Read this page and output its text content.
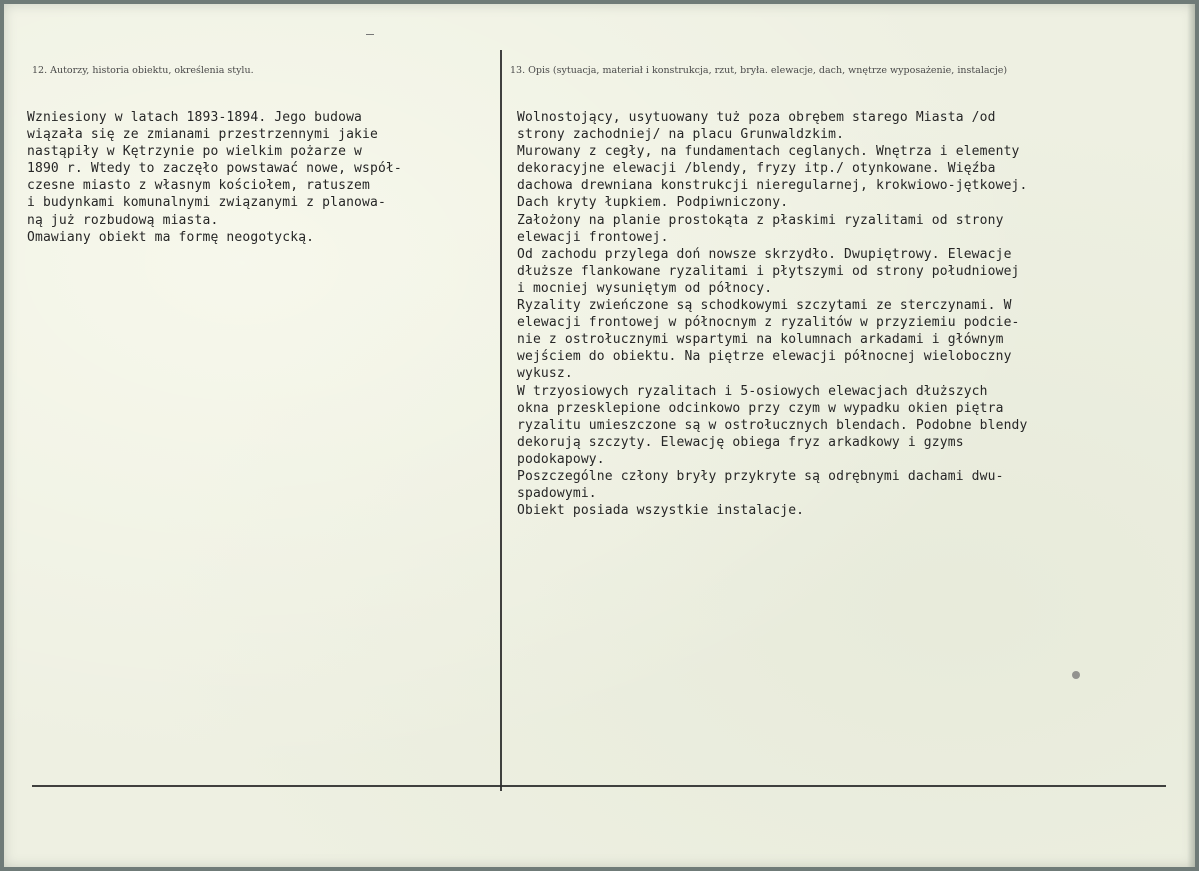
12. Autorzy, historia obiektu, określenia stylu.	13. Opis (sytuacja, materiał i konstrukcja, rzut, bryła. elewacje, dach, wnętrze wyposażenie, instalacje)
Wzniesiony w latach 1893-1894. Jego budowa
wiązała się ze zmianami przestrzennymi jakie
nastąpiły w Kętrzynie po wielkim pożarze w
1890 r. Wtedy to zaczęło powstawać nowe, współ-
czesne miasto z własnym kościołem, ratuszem
i budynkami komunalnymi związanymi z planowa-
ną już rozbudową miasta.
Omawiany obiekt ma formę neogotycką.
Wolnostojący, usytuowany tuż poza obrębem starego Miasta /od
strony zachodniej/ na placu Grunwaldzkim.
Murowany z cegły, na fundamentach ceglanych. Wnętrza i elementy
dekoracyjne elewacji /blendy, fryzy itp./ otynkowane. Więźba
dachowa drewniana konstrukcji nieregularnej, krokwiowo-jętkowej.
Dach kryty łupkiem. Podpiwniczony.
Założony na planie prostokąta z płaskimi ryzalitami od strony
elewacji frontowej.
Od zachodu przylega doń nowsze skrzydło. Dwupiętrowy. Elewacje
dłuższe flankowane ryzalitami i płytszymi od strony południowej
i mocniej wysuniętym od północy.
Ryzality zwieńczone są schodkowymi szczytami ze sterczynami. W
elewacji frontowej w północnym z ryzalitów w przyziemiu podcie-
nie z ostrołucznymi wspartymi na kolumnach arkadami i głównym
wejściem do obiektu. Na piętrze elewacji północnej wieloboczny
wykusz.
W trzyosiowych ryzalitach i 5-osiowych elewacjach dłuższych
okna przesklepione odcinkowo przy czym w wypadku okien piętra
ryzalitu umieszczone są w ostrołucznych blendach. Podobne blendy
dekorują szczyty. Elewację obiega fryz arkadkowy i gzyms
podokapowy.
Poszczególne człony bryły przykryte są odrębnymi dachami dwu-
spadowymi.
Obiekt posiada wszystkie instalacje.
